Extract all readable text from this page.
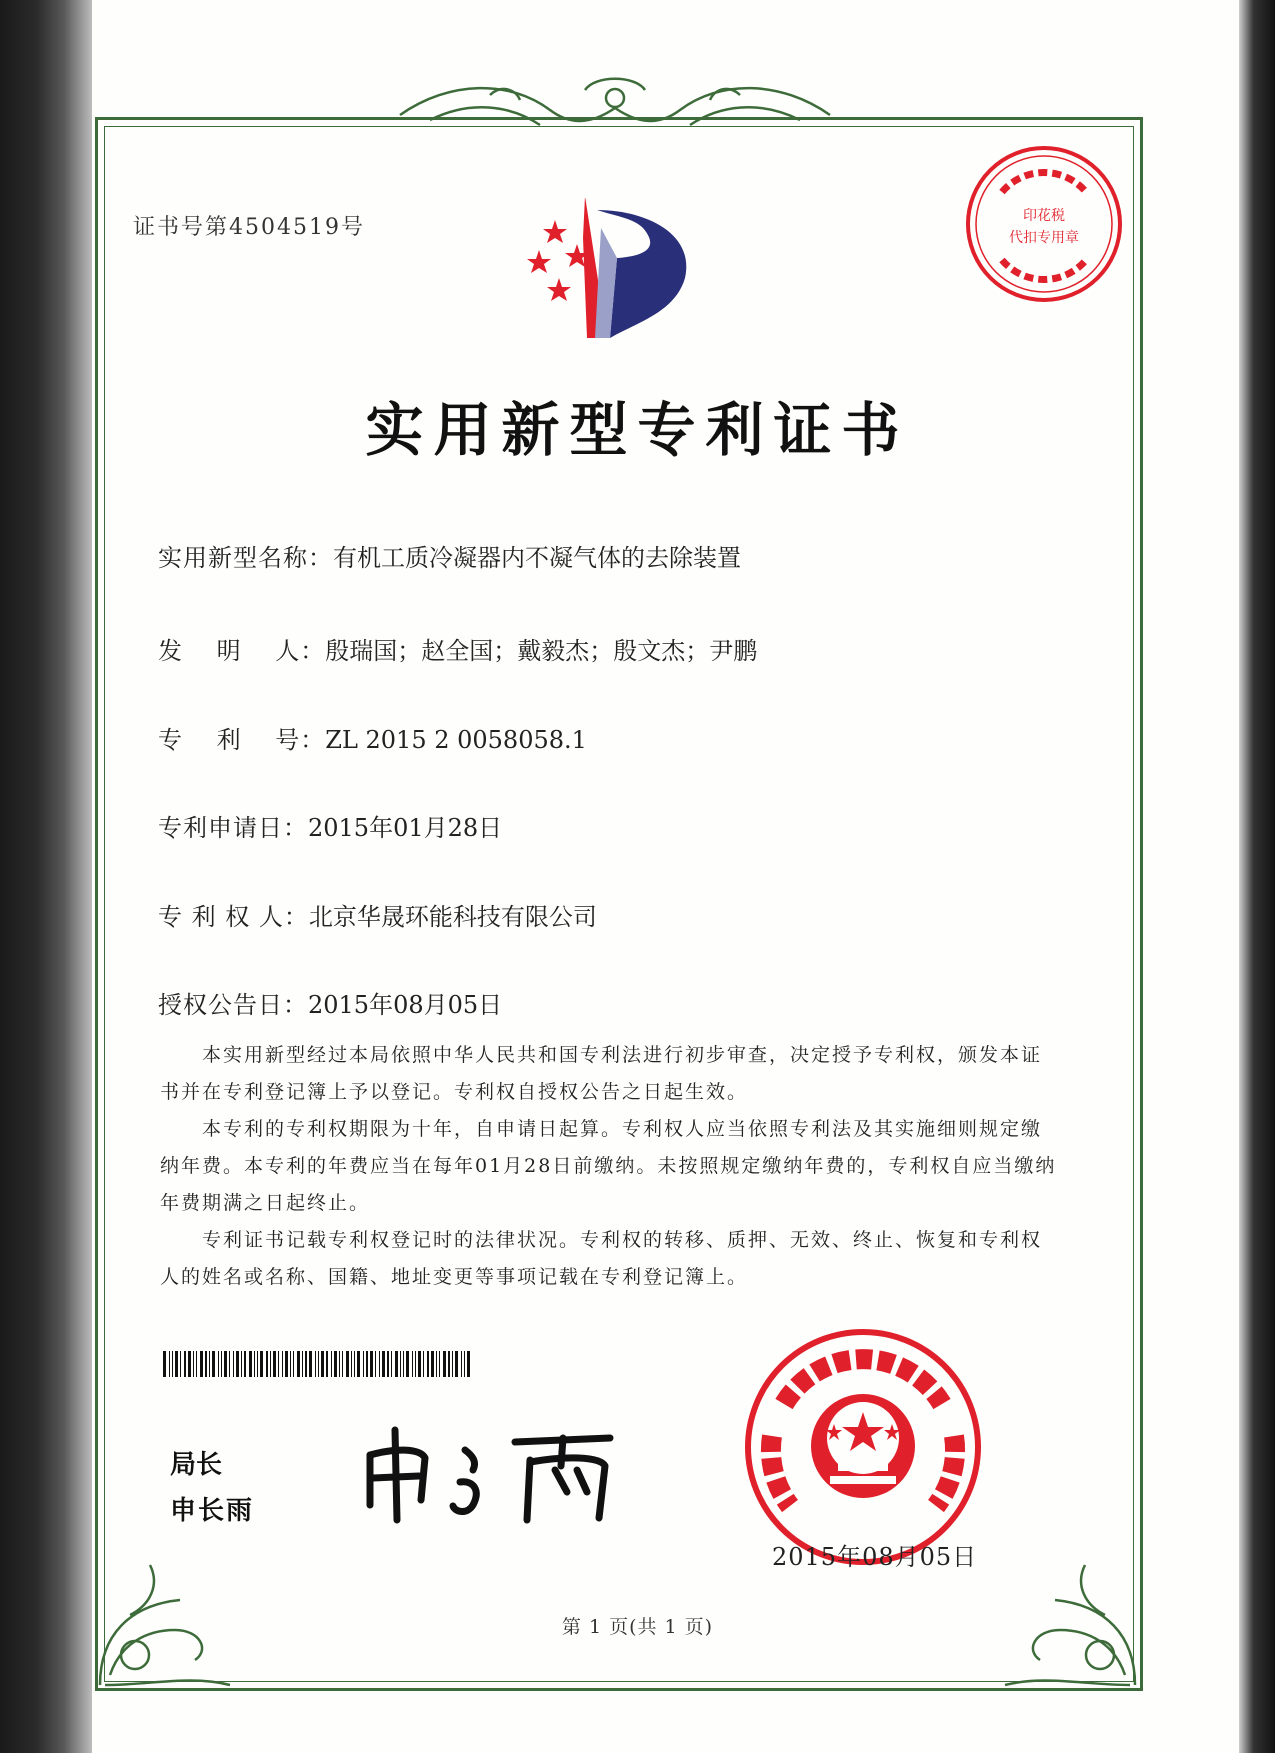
证书号第4504519号	印花税
代扣专用章
实用新型专利证书
实用新型名称：有机工质冷凝器内不凝气体的去除装置
发　 明　 人：殷瑞国；赵全国；戴毅杰；殷文杰；尹鹏
专　 利　 号：ZL 2015 2 0058058.1
专利申请日：2015年01月28日
专 利 权 人：北京华晟环能科技有限公司
授权公告日：2015年08月05日

本实用新型经过本局依照中华人民共和国专利法进行初步审查，决定授予专利权，颁发本证书并在专利登记簿上予以登记。专利权自授权公告之日起生效。

本专利的专利权期限为十年，自申请日起算。专利权人应当依照专利法及其实施细则规定缴纳年费。本专利的年费应当在每年01月28日前缴纳。未按照规定缴纳年费的，专利权自应当缴纳年费期满之日起终止。

专利证书记载专利权登记时的法律状况。专利权的转移、质押、无效、终止、恢复和专利权人的姓名或名称、国籍、地址变更等事项记载在专利登记簿上。

局长
申长雨
2015年08月05日
第 1 页(共 1 页)
